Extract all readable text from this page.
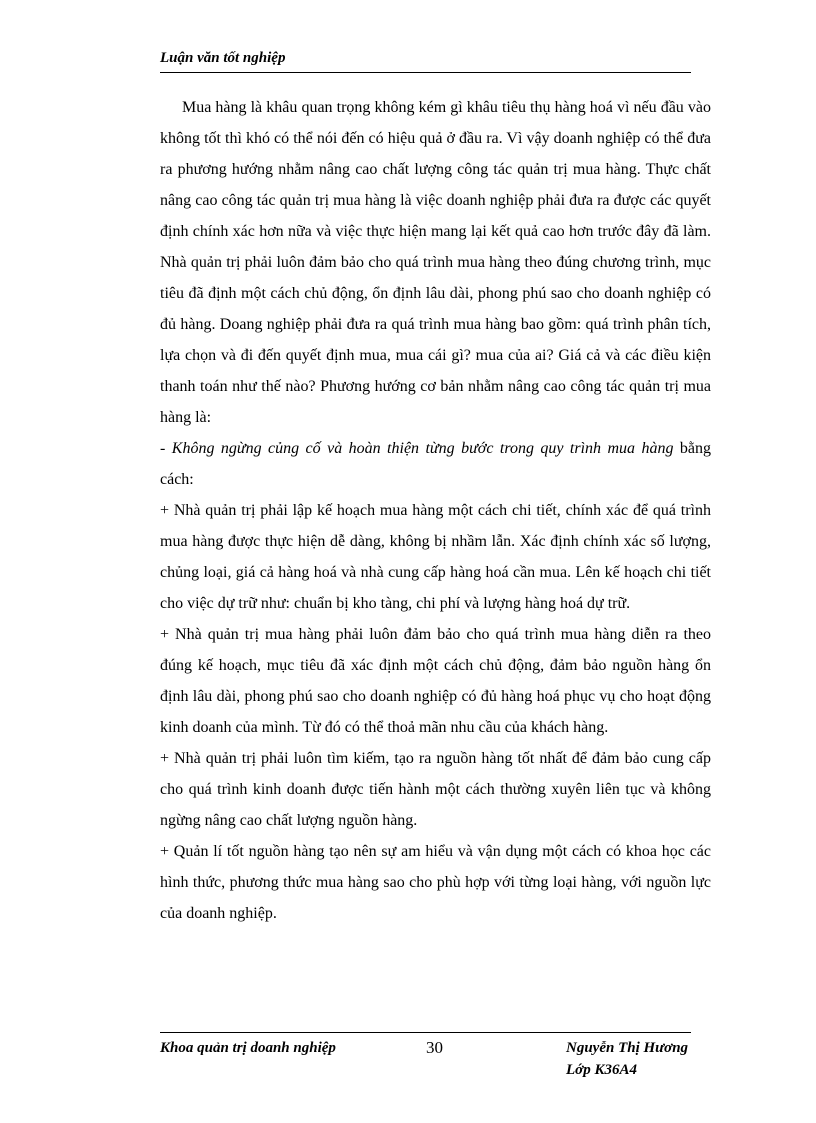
Luận văn tốt nghiệp

Mua hàng là khâu quan trọng không kém gì khâu tiêu thụ hàng hoá vì nếu đầu vào không tốt thì khó có thể nói đến có hiệu quả ở đầu ra. Vì vậy doanh nghiệp có thể đưa ra phương hướng nhằm nâng cao chất lượng công tác quản trị mua hàng. Thực chất nâng cao công tác quản trị mua hàng là việc doanh nghiệp phải đưa ra được các quyết định chính xác hơn nữa và việc thực hiện mang lại kết quả cao hơn trước đây đã làm. Nhà quản trị phải luôn đảm bảo cho quá trình mua hàng theo đúng chương trình, mục tiêu đã định một cách chủ động, ổn định lâu dài, phong phú sao cho doanh nghiệp có đủ hàng. Doang nghiệp phải đưa ra quá trình mua hàng bao gồm: quá trình phân tích, lựa chọn và đi đến quyết định mua, mua cái gì? mua của ai? Giá cả và các điều kiện thanh toán như thế nào? Phương hướng cơ bản nhằm nâng cao công tác quản trị mua hàng là:

- Không ngừng củng cố và hoàn thiện từng bước trong quy trình mua hàng bằng cách:

+ Nhà quản trị phải lập kế hoạch mua hàng một cách chi tiết, chính xác để quá trình mua hàng được thực hiện dễ dàng, không bị nhầm lẫn. Xác định chính xác số lượng, chủng loại, giá cả hàng hoá và nhà cung cấp hàng hoá cần mua. Lên kế hoạch chi tiết cho việc dự trữ như: chuẩn bị kho tàng, chi phí và lượng hàng hoá dự trữ.

+ Nhà quản trị mua hàng phải luôn đảm bảo cho quá trình mua hàng diễn ra theo đúng kế hoạch, mục tiêu đã xác định một cách chủ động, đảm bảo nguồn hàng ổn định lâu dài, phong phú sao cho doanh nghiệp có đủ hàng hoá phục vụ cho hoạt động kinh doanh của mình. Từ đó có thể thoả mãn nhu cầu của khách hàng.

+ Nhà quản trị phải luôn tìm kiếm, tạo ra nguồn hàng tốt nhất để đảm bảo cung cấp cho quá trình kinh doanh được tiến hành một cách thường xuyên liên tục và không ngừng nâng cao chất lượng nguồn hàng.

+ Quản lí tốt nguồn hàng tạo nên sự am hiểu và vận dụng một cách có khoa học các hình thức, phương thức mua hàng sao cho phù hợp với từng loại hàng, với nguồn lực của doanh nghiệp.

Khoa quản trị doanh nghiệp	30	Nguyễn Thị Hương
Lớp K36A4
